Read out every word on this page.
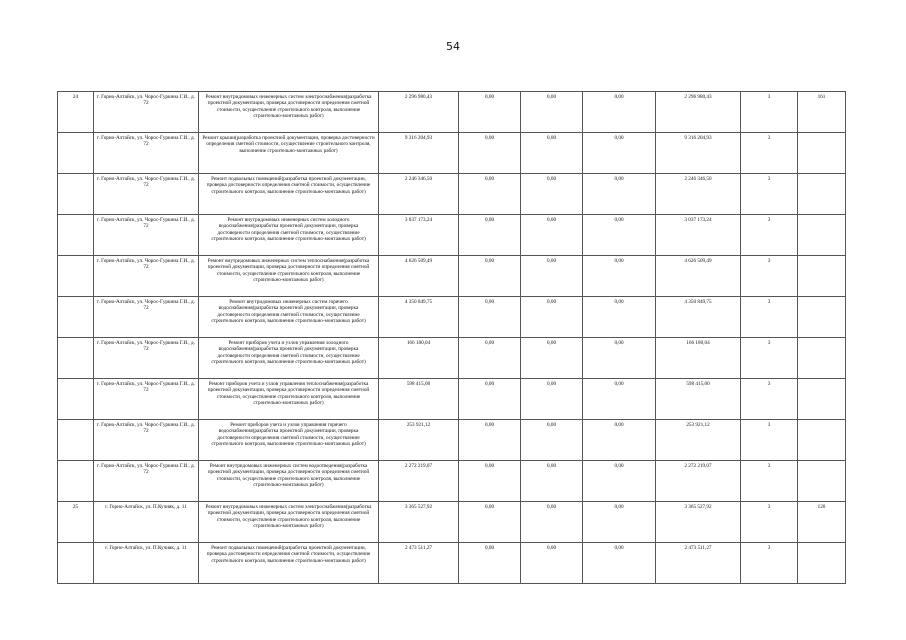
54
24	г. Горно-Алтайск, ул. Чорос-Гуркина Г.И., д. 72	Ремонт внутридомовых инженерных систем электроснабжения(разработка проектной документации, проверка достоверности определения сметной стоимости, осуществление строительного контроля, выполнение строительно-монтажных работ)	2 296 980,43	0,00	0,00	0,00	2 296 980,43	3	161
	г. Горно-Алтайск, ул. Чорос-Гуркина Г.И., д. 72	Ремонт крыши(разработка проектной документации, проверка достоверности определения сметной стоимости, осуществление строительного контроля, выполнение строительно-монтажных работ)	9 316 204,93	0,00	0,00	0,00	9 316 204,93	3	
	г. Горно-Алтайск, ул. Чорос-Гуркина Г.И., д. 72	Ремонт подвальных помещений(разработка проектной документации, проверка достоверности определения сметной стоимости, осуществление строительного контроля, выполнение строительно-монтажных работ)	2 246 346,50	0,00	0,00	0,00	2 246 346,50	3	
	г. Горно-Алтайск, ул. Чорос-Гуркина Г.И., д. 72	Ремонт внутридомовых инженерных систем холодного водоснабжения(разработка проектной документации, проверка достоверности определения сметной стоимости, осуществление строительного контроля, выполнение строительно-монтажных работ)	3 037 173,24	0,00	0,00	0,00	3 037 173,24	3	
	г. Горно-Алтайск, ул. Чорос-Гуркина Г.И., д. 72	Ремонт внутридомовых инженерных систем теплоснабжения(разработка проектной документации, проверка достоверности определения сметной стоимости, осуществление строительного контроля, выполнение строительно-монтажных работ)	4 626 509,49	0,00	0,00	0,00	4 626 509,49	3	
	г. Горно-Алтайск, ул. Чорос-Гуркина Г.И., д. 72	Ремонт внутридомовых инженерных систем горячего водоснабжения(разработка проектной документации, проверка достоверности определения сметной стоимости, осуществление строительного контроля, выполнение строительно-монтажных работ)	4 350 849,75	0,00	0,00	0,00	4 350 849,75	3	
	г. Горно-Алтайск, ул. Чорос-Гуркина Г.И., д. 72	Ремонт приборов учета и узлов управления холодного водоснабжения(разработка проектной документации, проверка достоверности определения сметной стоимости, осуществление строительного контроля, выполнение строительно-монтажных работ)	166 180,04	0,00	0,00	0,00	166 180,04	3	
	г. Горно-Алтайск, ул. Чорос-Гуркина Г.И., д. 72	Ремонт приборов учета и узлов управления теплоснабжения(разработка проектной документации, проверка достоверности определения сметной стоимости, осуществление строительного контроля, выполнение строительно-монтажных работ)	598 415,00	0,00	0,00	0,00	598 415,00	3	
	г. Горно-Алтайск, ул. Чорос-Гуркина Г.И., д. 72	Ремонт приборов учета и узлов управления горячего водоснабжения(разработка проектной документации, проверка достоверности определения сметной стоимости, осуществление строительного контроля, выполнение строительно-монтажных работ)	253 921,12	0,00	0,00	0,00	253 921,12	3	
	г. Горно-Алтайск, ул. Чорос-Гуркина Г.И., д. 72	Ремонт внутридомовых инженерных систем водоотведения(разработка проектной документации, проверка достоверности определения сметной стоимости, осуществление строительного контроля, выполнение строительно-монтажных работ)	2 272 219,07	0,00	0,00	0,00	2 272 219,07	3	
25	г. Горно-Алтайск, ул. П.Кучияк, д. 11	Ремонт внутридомовых инженерных систем электроснабжения(разработка проектной документации, проверка достоверности определения сметной стоимости, осуществление строительного контроля, выполнение строительно-монтажных работ)	3 365 527,92	0,00	0,00	0,00	3 365 527,92	3	120
	г. Горно-Алтайск, ул. П.Кучияк, д. 11	Ремонт подвальных помещений(разработка проектной документации, проверка достоверности определения сметной стоимости, осуществление строительного контроля, выполнение строительно-монтажных работ)	2 473 511,27	0,00	0,00	0,00	2 473 511,27	3	
